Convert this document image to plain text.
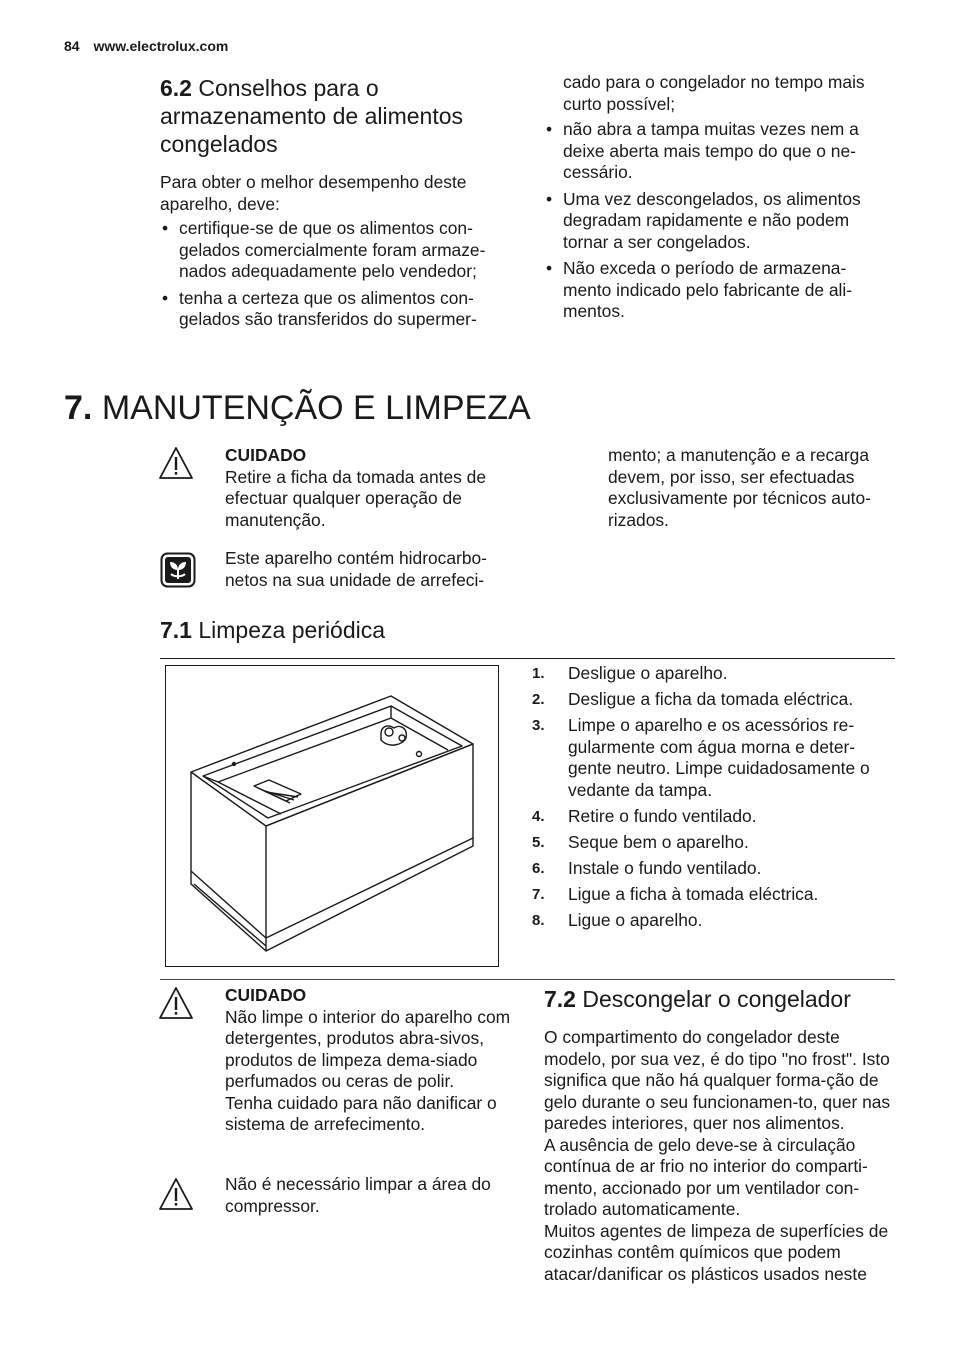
84 www.electrolux.com
6.2 Conselhos para o armazenamento de alimentos congelados
Para obter o melhor desempenho deste aparelho, deve:
• certifique-se de que os alimentos con-gelados comercialmente foram armaze-nados adequadamente pelo vendedor;
• tenha a certeza que os alimentos con-gelados são transferidos do supermer-
cado para o congelador no tempo mais curto possível;
• não abra a tampa muitas vezes nem a deixe aberta mais tempo do que o ne-cessário.
• Uma vez descongelados, os alimentos degradam rapidamente e não podem tornar a ser congelados.
• Não exceda o período de armazena-mento indicado pelo fabricante de ali-mentos.
7. MANUTENÇÃO E LIMPEZA
CUIDADO
Retire a ficha da tomada antes de efectuar qualquer operação de manutenção.
Este aparelho contém hidrocarbo-netos na sua unidade de arrefeci-
mento; a manutenção e a recarga devem, por isso, ser efectuadas exclusivamente por técnicos auto-rizados.
7.1 Limpeza periódica
1. Desligue o aparelho.
2. Desligue a ficha da tomada eléctrica.
3. Limpe o aparelho e os acessórios re-gularmente com água morna e deter-gente neutro. Limpe cuidadosamente o vedante da tampa.
4. Retire o fundo ventilado.
5. Seque bem o aparelho.
6. Instale o fundo ventilado.
7. Ligue a ficha à tomada eléctrica.
8. Ligue o aparelho.
CUIDADO
Não limpe o interior do aparelho com detergentes, produtos abra-sivos, produtos de limpeza dema-siado perfumados ou ceras de polir.
Tenha cuidado para não danificar o sistema de arrefecimento.
Não é necessário limpar a área do compressor.
7.2 Descongelar o congelador
O compartimento do congelador deste modelo, por sua vez, é do tipo "no frost". Isto significa que não há qualquer forma-ção de gelo durante o seu funcionamen-to, quer nas paredes interiores, quer nos alimentos.
A ausência de gelo deve-se à circulação contínua de ar frio no interior do comparti-mento, accionado por um ventilador con-trolado automaticamente.
Muitos agentes de limpeza de superfícies de cozinhas contêm químicos que podem atacar/danificar os plásticos usados neste
